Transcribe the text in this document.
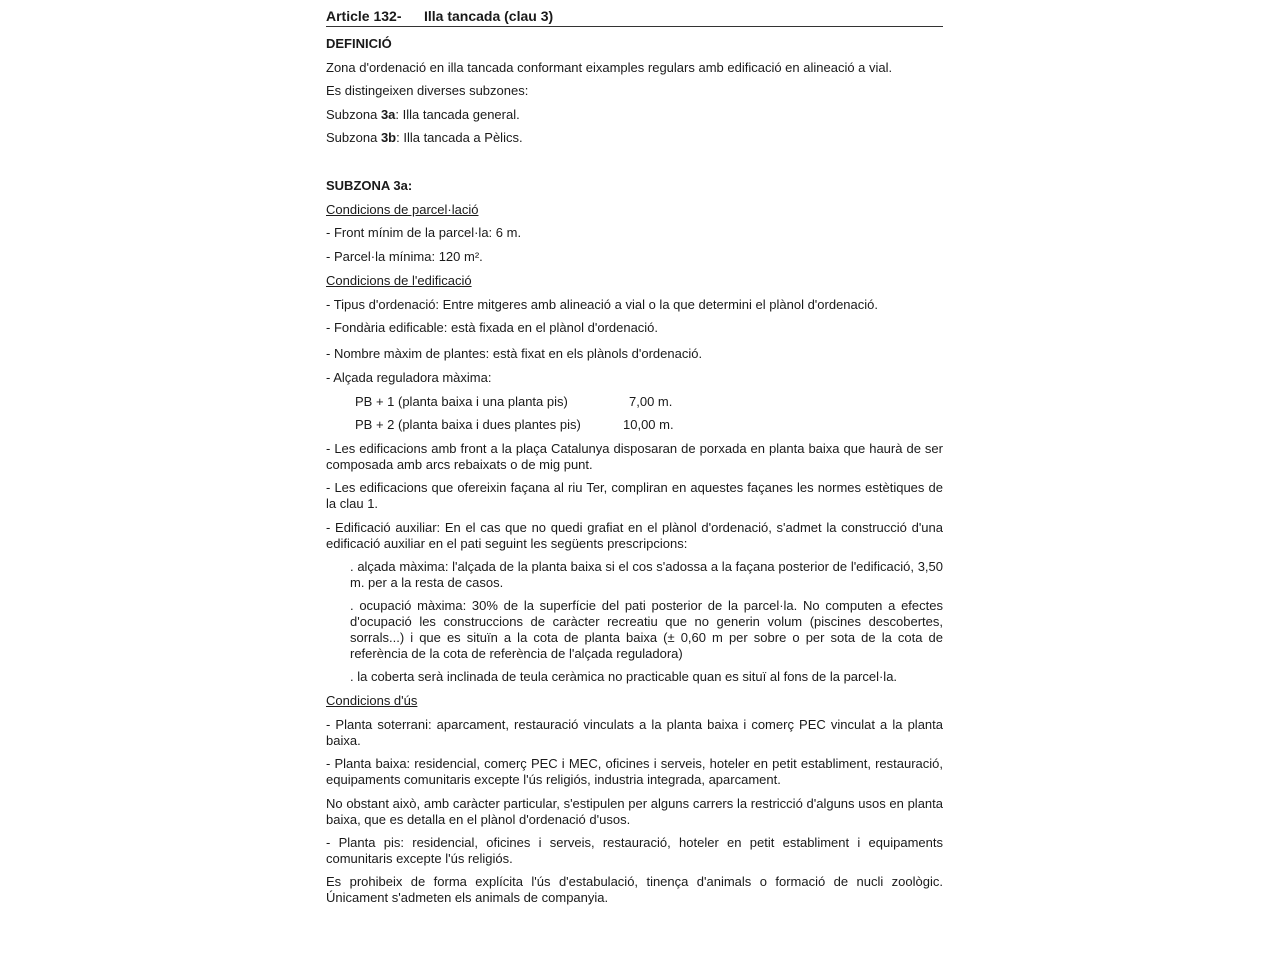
Article 132- Illa tancada (clau 3)
DEFINICIÓ
Zona d'ordenació en illa tancada conformant eixamples regulars amb edificació en alineació a vial.
Es distingeixen diverses subzones:
Subzona 3a: Illa tancada general.
Subzona 3b: Illa tancada a Pèlics.
SUBZONA 3a:
Condicions de parcel·lació
- Front mínim de la parcel·la: 6 m.
- Parcel·la mínima: 120 m².
Condicions de l'edificació
- Tipus d'ordenació: Entre mitgeres amb alineació a vial o la que determini el plànol d'ordenació.
- Fondària edificable: està fixada en el plànol d'ordenació.
- Nombre màxim de plantes: està fixat en els plànols d'ordenació.
- Alçada reguladora màxima:
PB + 1 (planta baixa i una planta pis)	7,00 m.
PB + 2 (planta baixa i dues plantes pis)	10,00 m.
- Les edificacions amb front a la plaça Catalunya disposaran de porxada en planta baixa que haurà de ser composada amb arcs rebaixats o de mig punt.
- Les edificacions que ofereixin façana al riu Ter, compliran en aquestes façanes les normes estètiques de la clau 1.
- Edificació auxiliar: En el cas que no quedi grafiat en el plànol d'ordenació, s'admet la construcció d'una edificació auxiliar en el pati seguint les següents prescripcions:
. alçada màxima: l'alçada de la planta baixa si el cos s'adossa a la façana posterior de l'edificació, 3,50 m. per a la resta de casos.
. ocupació màxima: 30% de la superfície del pati posterior de la parcel·la. No computen a efectes d'ocupació les construccions de caràcter recreatiu que no generin volum (piscines descobertes, sorrals...) i que es situïn a la cota de planta baixa (± 0,60 m per sobre o per sota de la cota de referència de la cota de referència de l'alçada reguladora)
. la coberta serà inclinada de teula ceràmica no practicable quan es situï al fons de la parcel·la.
Condicions d'ús
- Planta soterrani: aparcament, restauració vinculats a la planta baixa i comerç PEC vinculat a la planta baixa.
- Planta baixa: residencial, comerç PEC i MEC, oficines i serveis, hoteler en petit establiment, restauració, equipaments comunitaris excepte l'ús religiós, industria integrada, aparcament.
No obstant això, amb caràcter particular, s'estipulen per alguns carrers la restricció d'alguns usos en planta baixa, que es detalla en el plànol d'ordenació d'usos.
- Planta pis: residencial, oficines i serveis, restauració, hoteler en petit establiment i equipaments comunitaris excepte l'ús religiós.
Es prohibeix de forma explícita l'ús d'estabulació, tinença d'animals o formació de nucli zoològic. Únicament s'admeten els animals de companyia.
